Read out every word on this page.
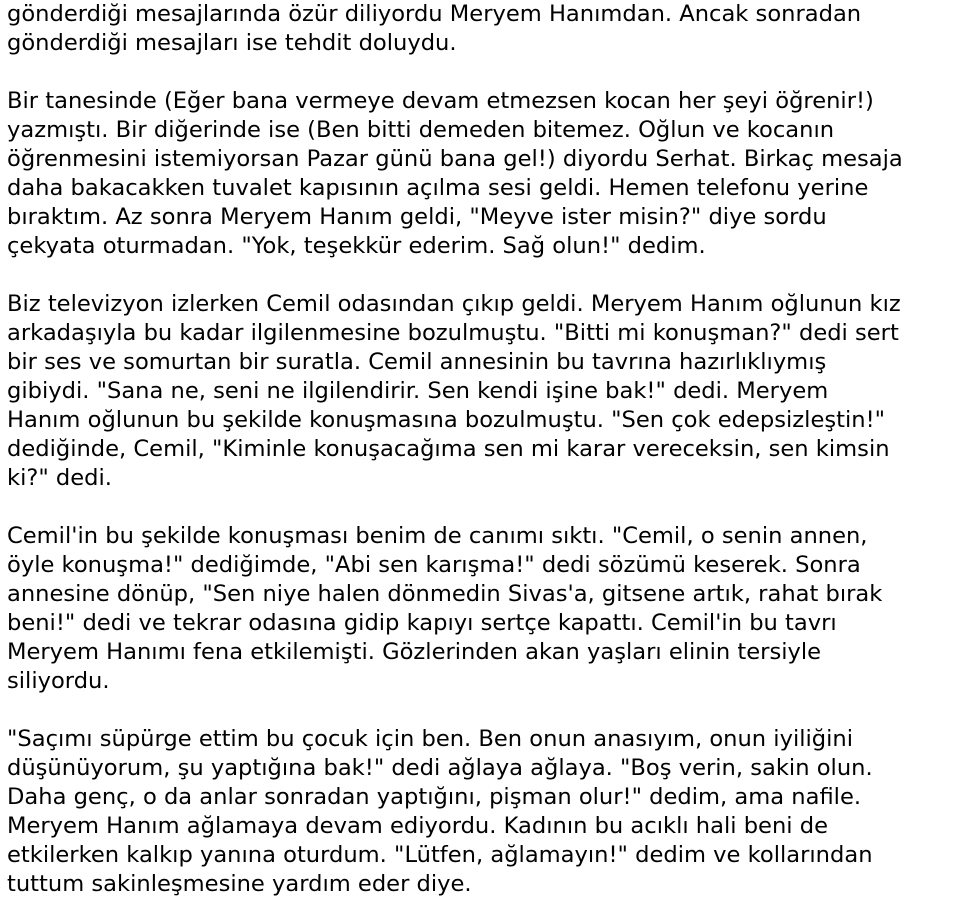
gönderdiği mesajlarında özür diliyordu Meryem Hanımdan. Ancak sonradan
gönderdiği mesajları ise tehdit doluydu.
Bir tanesinde (Eğer bana vermeye devam etmezsen kocan her şeyi öğrenir!)
yazmıştı. Bir diğerinde ise (Ben bitti demeden bitemez. Oğlun ve kocanın
öğrenmesini istemiyorsan Pazar günü bana gel!) diyordu Serhat. Birkaç mesaja
daha bakacakken tuvalet kapısının açılma sesi geldi. Hemen telefonu yerine
bıraktım. Az sonra Meryem Hanım geldi, "Meyve ister misin?" diye sordu
çekyata oturmadan. "Yok, teşekkür ederim. Sağ olun!" dedim.
Biz televizyon izlerken Cemil odasından çıkıp geldi. Meryem Hanım oğlunun kız
arkadaşıyla bu kadar ilgilenmesine bozulmuştu. "Bitti mi konuşman?" dedi sert
bir ses ve somurtan bir suratla. Cemil annesinin bu tavrına hazırlıklıymış
gibiydi. "Sana ne, seni ne ilgilendirir. Sen kendi işine bak!" dedi. Meryem
Hanım oğlunun bu şekilde konuşmasına bozulmuştu. "Sen çok edepsizleştin!"
dediğinde, Cemil, "Kiminle konuşacağıma sen mi karar vereceksin, sen kimsin
ki?" dedi.
Cemil'in bu şekilde konuşması benim de canımı sıktı. "Cemil, o senin annen,
öyle konuşma!" dediğimde, "Abi sen karışma!" dedi sözümü keserek. Sonra
annesine dönüp, "Sen niye halen dönmedin Sivas'a, gitsene artık, rahat bırak
beni!" dedi ve tekrar odasına gidip kapıyı sertçe kapattı. Cemil'in bu tavrı
Meryem Hanımı fena etkilemişti. Gözlerinden akan yaşları elinin tersiyle
siliyordu.
"Saçımı süpürge ettim bu çocuk için ben. Ben onun anasıyım, onun iyiliğini
düşünüyorum, şu yaptığına bak!" dedi ağlaya ağlaya. "Boş verin, sakin olun.
Daha genç, o da anlar sonradan yaptığını, pişman olur!" dedim, ama nafile.
Meryem Hanım ağlamaya devam ediyordu. Kadının bu acıklı hali beni de
etkilerken kalkıp yanına oturdum. "Lütfen, ağlamayın!" dedim ve kollarından
tuttum sakinleşmesine yardım eder diye.
